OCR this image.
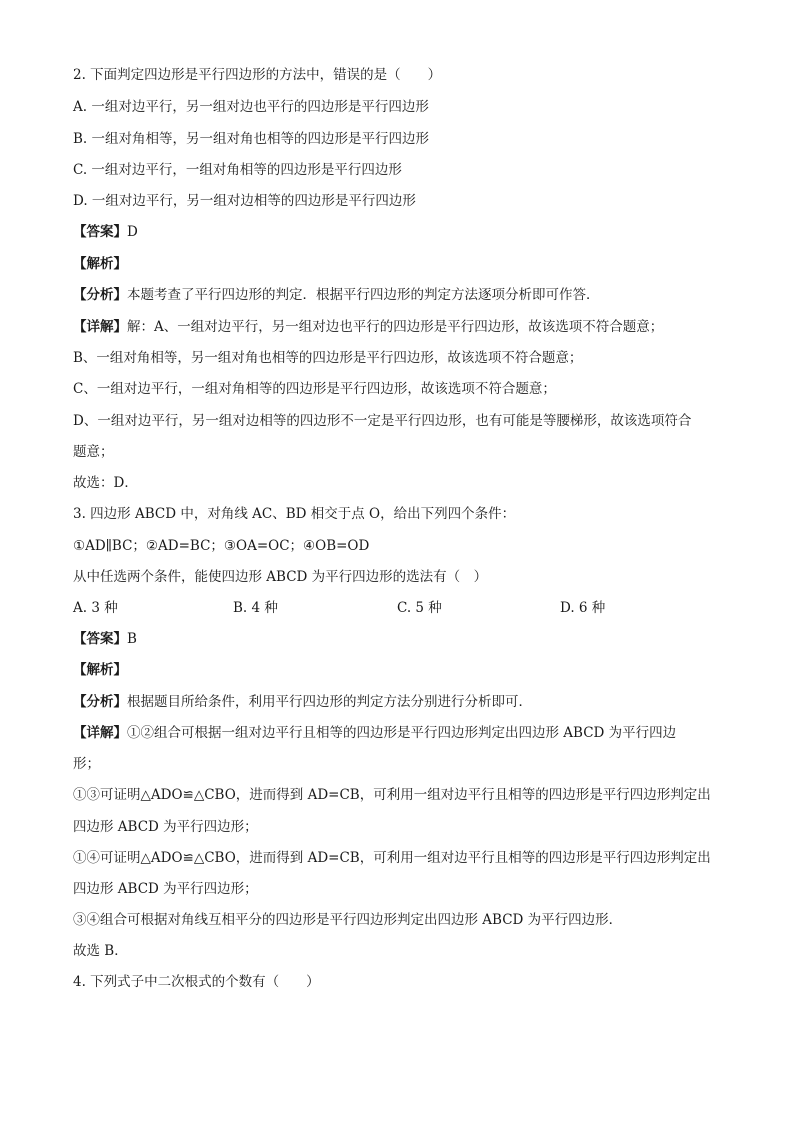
2. 下面判定四边形是平行四边形的方法中，错误的是（　　）
A. 一组对边平行，另一组对边也平行的四边形是平行四边形
B. 一组对角相等，另一组对角也相等的四边形是平行四边形
C. 一组对边平行，一组对角相等的四边形是平行四边形
D. 一组对边平行，另一组对边相等的四边形是平行四边形
【答案】D
【解析】
【分析】本题考查了平行四边形的判定．根据平行四边形的判定方法逐项分析即可作答．
【详解】解：A、一组对边平行，另一组对边也平行的四边形是平行四边形，故该选项不符合题意；
B、一组对角相等，另一组对角也相等的四边形是平行四边形，故该选项不符合题意；
C、一组对边平行，一组对角相等的四边形是平行四边形，故该选项不符合题意；
D、一组对边平行，另一组对边相等的四边形不一定是平行四边形，也有可能是等腰梯形，故该选项符合
题意；
故选：D．
3. 四边形 ABCD 中，对角线 AC、BD 相交于点 O，给出下列四个条件：
①AD∥BC；②AD=BC；③OA=OC；④OB=OD
从中任选两个条件，能使四边形 ABCD 为平行四边形的选法有（　）
A. 3 种	B. 4 种	C. 5 种	D. 6 种
【答案】B
【解析】
【分析】根据题目所给条件，利用平行四边形的判定方法分别进行分析即可．
【详解】①②组合可根据一组对边平行且相等的四边形是平行四边形判定出四边形 ABCD 为平行四边
形；
①③可证明△ADO≌△CBO，进而得到 AD=CB，可利用一组对边平行且相等的四边形是平行四边形判定出
四边形 ABCD 为平行四边形；
①④可证明△ADO≌△CBO，进而得到 AD=CB，可利用一组对边平行且相等的四边形是平行四边形判定出
四边形 ABCD 为平行四边形；
③④组合可根据对角线互相平分的四边形是平行四边形判定出四边形 ABCD 为平行四边形．
故选 B．
4. 下列式子中二次根式的个数有（　　）
